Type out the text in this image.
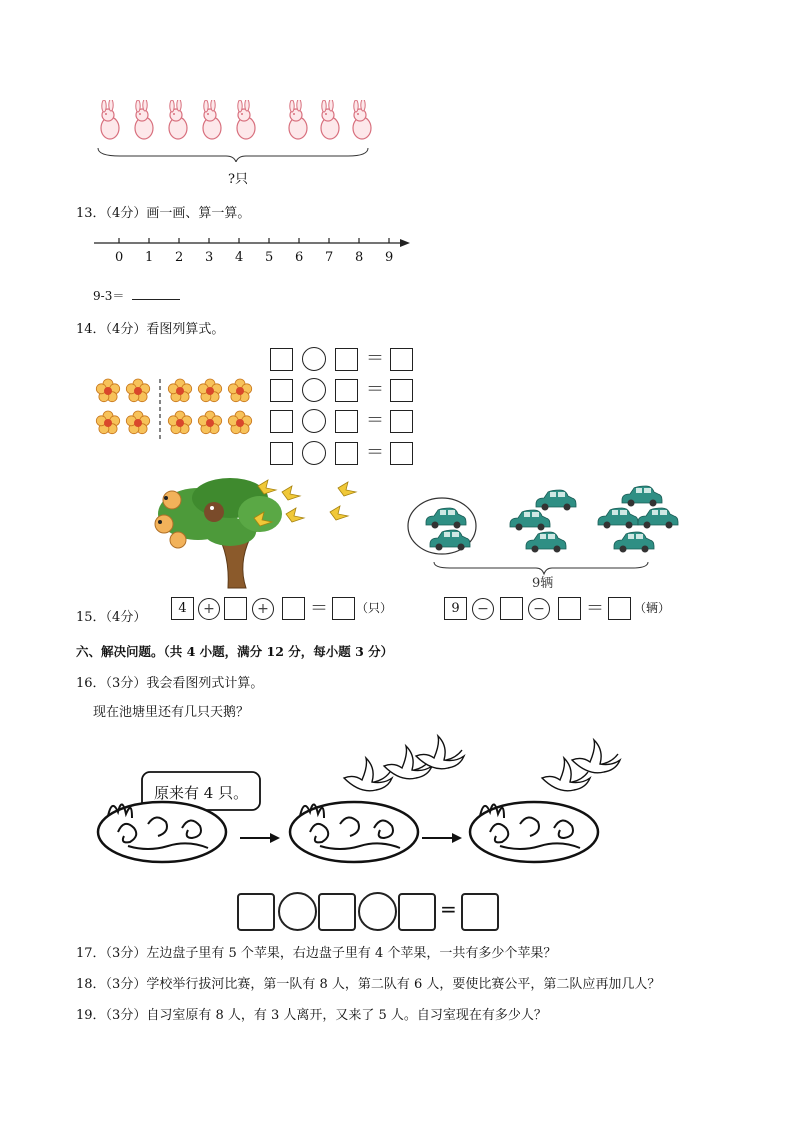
?只
13．（4分）画一画、算一算。
0 1 2 3 4 5 6 7 8 9
9-3＝
14．（4分）看图列算式。
＝
＝
＝
＝
9辆
15．（4分）
4	+	+ ＝ （只）	9	−	− ＝	（辆）
六、解决问题。（共 4 小题，满分 12 分，每小题 3 分）
16．（3分）我会看图列式计算。
现在池塘里还有几只天鹅？
原来有 4 只。
=
17．（3分）左边盘子里有 5 个苹果，右边盘子里有 4 个苹果，一共有多少个苹果？
18．（3分）学校举行拔河比赛，第一队有 8 人，第二队有 6 人，要使比赛公平，第二队应再加几人？
19．（3分）自习室原有 8 人，有 3 人离开，又来了 5 人。自习室现在有多少人？
